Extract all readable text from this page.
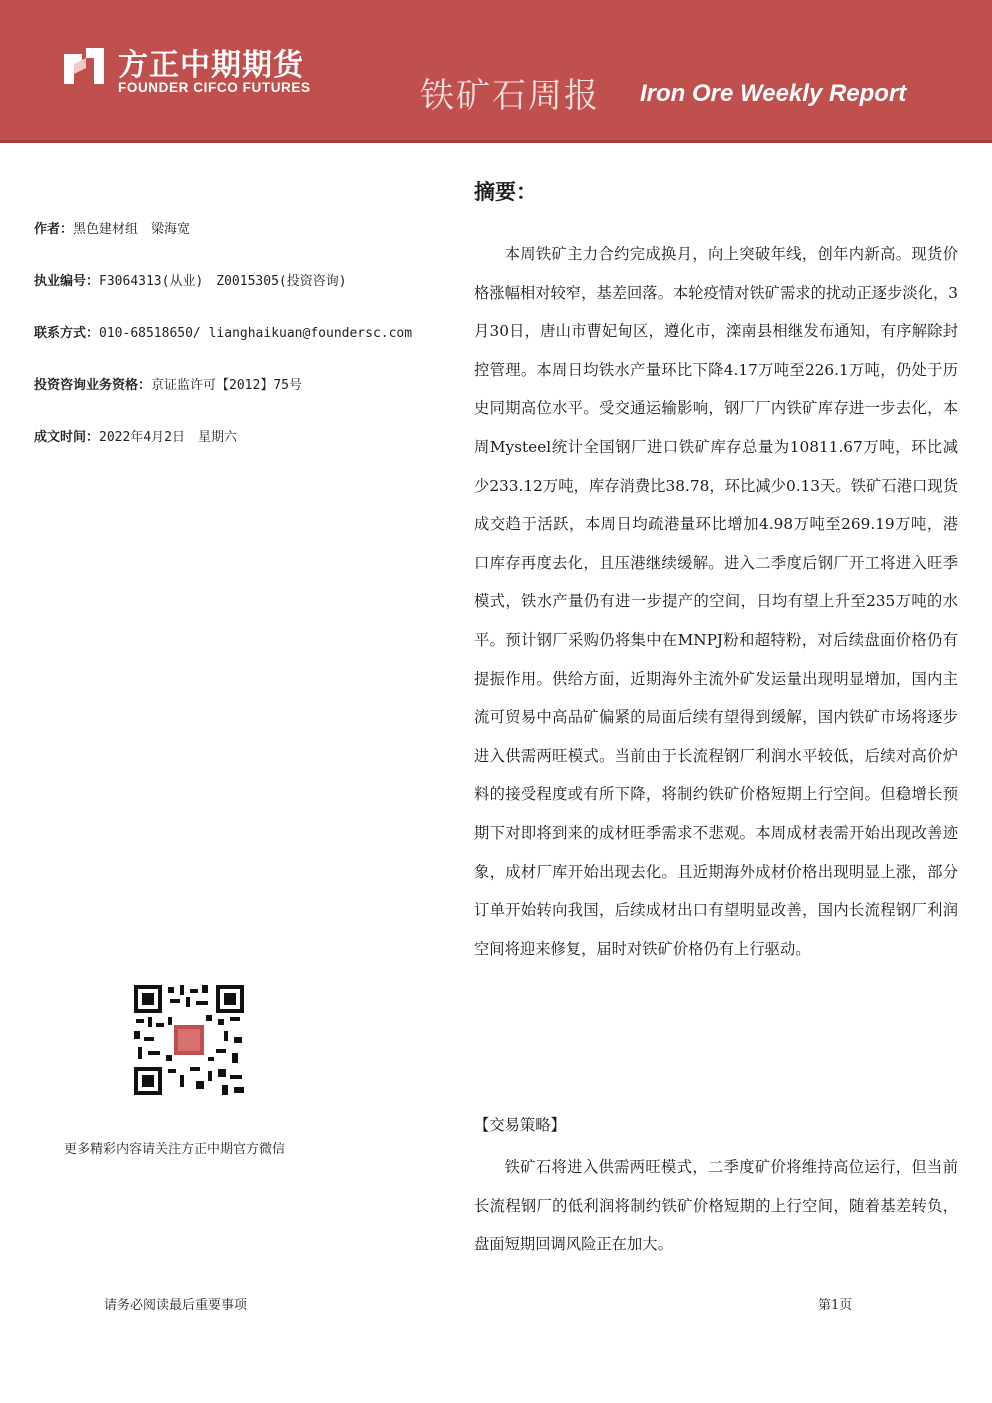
方正中期期货
FOUNDER CIFCO FUTURES	铁矿石周报 Iron Ore Weekly Report
作者：黑色建材组　梁海宽
执业编号：F3064313(从业)　Z0015305(投资咨询)
联系方式：010-68518650/ lianghaikuan@foundersc.com
投资咨询业务资格：京证监许可【2012】75号
成文时间：2022年4月2日　星期六
更多精彩内容请关注方正中期官方微信
摘要：
本周铁矿主力合约完成换月，向上突破年线，创年内新高。现货价格涨幅相对较窄，基差回落。本轮疫情对铁矿需求的扰动正逐步淡化，3月30日，唐山市曹妃甸区，遵化市，滦南县相继发布通知，有序解除封控管理。本周日均铁水产量环比下降4.17万吨至226.1万吨，仍处于历史同期高位水平。受交通运输影响，钢厂厂内铁矿库存进一步去化，本周Mysteel统计全国钢厂进口铁矿库存总量为10811.67万吨，环比减少233.12万吨，库存消费比38.78，环比减少0.13天。铁矿石港口现货成交趋于活跃，本周日均疏港量环比增加4.98万吨至269.19万吨，港口库存再度去化，且压港继续缓解。进入二季度后钢厂开工将进入旺季模式，铁水产量仍有进一步提产的空间，日均有望上升至235万吨的水平。预计钢厂采购仍将集中在MNPJ粉和超特粉，对后续盘面价格仍有提振作用。供给方面，近期海外主流外矿发运量出现明显增加，国内主流可贸易中高品矿偏紧的局面后续有望得到缓解，国内铁矿市场将逐步进入供需两旺模式。当前由于长流程钢厂利润水平较低，后续对高价炉料的接受程度或有所下降，将制约铁矿价格短期上行空间。但稳增长预期下对即将到来的成材旺季需求不悲观。本周成材表需开始出现改善迹象，成材厂库开始出现去化。且近期海外成材价格出现明显上涨，部分订单开始转向我国，后续成材出口有望明显改善，国内长流程钢厂利润空间将迎来修复，届时对铁矿价格仍有上行驱动。
【交易策略】
铁矿石将进入供需两旺模式，二季度矿价将维持高位运行，但当前长流程钢厂的低利润将制约铁矿价格短期的上行空间，随着基差转负，盘面短期回调风险正在加大。
请务必阅读最后重要事项	第1页
